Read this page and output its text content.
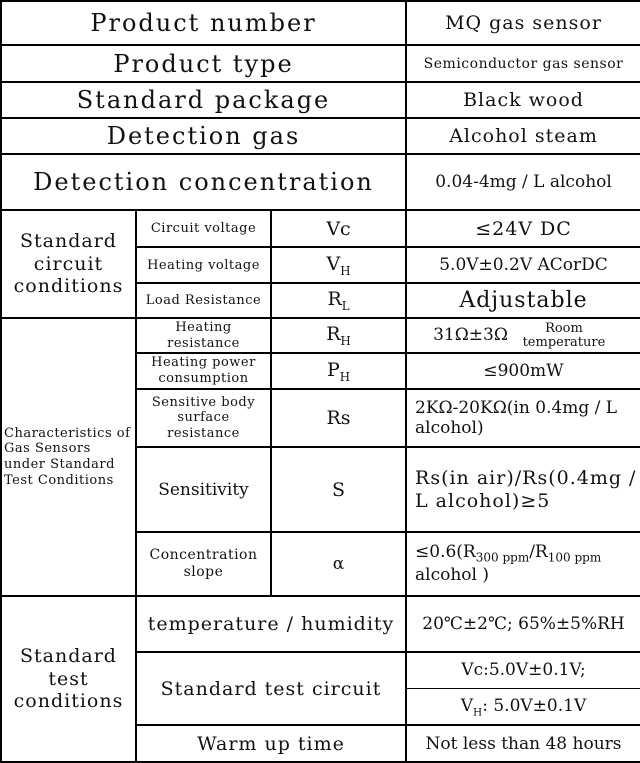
Product number			MQ gas sensor
Product type			Semiconductor gas sensor
Standard package			Black wood
Detection gas			Alcohol steam
Detection concentration			0.04-4mg / L alcohol
Standard circuit conditions	Circuit voltage	Vc	≤24V DC
	Heating voltage	$V_H$	5.0V±0.2V ACorDC
	Load Resistance	$R_L$	Adjustable
Characteristics of Gas Sensors under Standard Test Conditions	Heating resistance	$R_H$	31Ω±3Ω Room temperature
	Heating power consumption	$P_H$	≤900mW
	Sensitive body surface resistance	Rs	2KΩ-20KΩ(in 0.4mg / L alcohol)
	Sensitivity	S	Rs(in air)/Rs(0.4mg / L alcohol)≥5
	Concentration slope	α	$\le 0.6(R_{300 ppm}/R_{100 ppm}$
alcohol )
Standard test conditions	temperature / humidity		20℃±2℃; 65%±5%RH
	Standard test circuit		Vc:5.0V±0.1V;
$V_H$: 5.0V±0.1V

	Warm up time		Not less than 48 hours
